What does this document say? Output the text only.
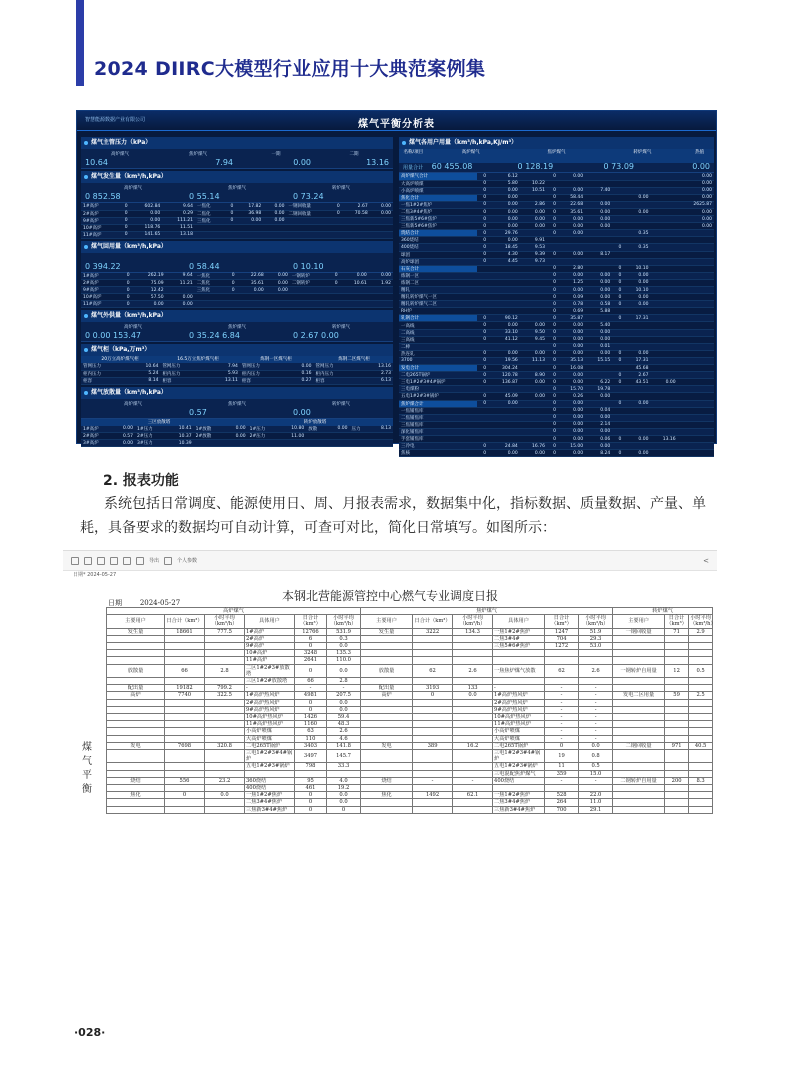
2024 DIIRC大模型行业应用十大典范案例集
智慧能源数据产业有限公司	煤气平衡分析表
煤气主管压力（kPa）
高炉煤气
10.64
焦炉煤气
7.94
一期
0.00
二期
13.16
煤气发生量（km³/h,kPa）
高炉煤气
0 852.58
焦炉煤气
0 55.14
转炉煤气
0 73.24
1#高炉	0	602.84	9.64	一焦化	0	17.82	0.00	一钢回收量	0	2.67	0.00
2#高炉	0	0.00	0.29	二焦化	0	36.98	0.00	二钢回收量	0	70.58	0.00
9#高炉	0	0.00	111.21	三焦化	0	0.00	0.00				
10#高炉	0	118.76	11.51								
11#高炉	0	141.65	13.18								
煤气回用量（km³/h,kPa）
0 394.22	0 58.44	0 10.10
1#高炉	0	262.19	9.64	一焦化	0	22.68	0.00	一钢转炉	0	0.00	0.00
2#高炉	0	75.09	11.21	二焦化	0	35.61	0.00	二钢转炉	0	10.61	1.92
9#高炉	0	12.42		三焦化	0	0.00	0.00				
10#高炉	0	57.50	0.00								
11#高炉	0	0.00	0.00								
煤气外供量（km³/h,kPa）
高炉煤气
0 0.00 153.47
焦炉煤气
0 35.24 6.84
转炉煤气
0 2.67 0.00
煤气柜（kPa,万m³）
20万立高炉煤气柜	16.5万立焦炉煤气柜	炼钢一区煤气柜	炼钢二区煤气柜
管网压力	10.64	管网压力	7.94	管网压力	0.00	管网压力	13.16
柜内压力	5.24	柜内压力	5.93	柜内压力	0.16	柜内压力	2.73
柜容	8.14	柜容	13.11	柜容	0.27	柜容	6.13
煤气放散量（km³/h,kPa）
高炉煤气	焦炉煤气
0.57
转炉煤气
0.00
三区放散塔	转炉放散塔
1#高炉	0.00	1#压力	10.41	1#放散	0.00	1#压力	10.80	放散	0.00	压力	8.13
2#高炉	0.57	2#压力	10.37	2#放散	0.00	2#压力	11.00				
3#高炉	0.00	3#压力	10.39								
煤气各用户用量（km³/h,kPa,KJ/m³）
名称/项目	高炉煤气	焦炉煤气	转炉煤气	热值
用量合计 60 455.08	0 128.19	0 73.09	0.00
高炉煤气合计	0	6.12		0	0.00					0.00
大高炉喷煤	0	5.80	10.22							0.00
小高炉喷煤	0	0.00	10.51	0	0.00	7.40				0.00
焦化合计	0	0.00		0	58.44			0.00		0.00
一焦1#2#焦炉	0	0.00	2.86	0	22.68	0.00				2625.87
二焦3#4#焦炉	0	0.00	0.00	0	35.61	0.00		0.00		0.00
三焦新5#6#焦炉	0	0.00	0.00	0	0.00	0.00				0.00
三焦新5#6#焦炉	0	0.00	0.00	0	0.00	0.00				0.00
烧结合计	0	29.76		0	0.00			0.35		
360烧结	0	0.00	9.91							
400烧结	0	18.45	9.53				0	0.35		
球团	0	4.30	9.39	0	0.00	8.17				
高炉球团	0	4.45	9.73							
石灰合计				0	2.80		0	10.10		
炼钢一区				0	0.00	0.00	0	0.00		
炼钢二区				0	1.25	0.00	0	0.00		
精轧				0	0.00	0.00	0	10.10		
精轧转炉煤气一区				0	0.09	0.00	0	0.00		
精轧转炉煤气二区				0	0.78	0.58	0	0.00		
RH炉				0	0.69	5.88				
轧钢合计	0	90.12		0	35.87		0	17.31		
一高线	0	0.00	0.00	0	0.00	5.40				
二高线	0	33.10	9.50	0	0.00	0.00				
三高线	0	41.12	9.45	0	0.00	0.00				
二棒				0	0.00	0.01				
热连轧	0	0.00	0.00	0	0.00	0.00	0	0.00		
3700	0	19.56	11.13	0	35.13	15.15	0	17.31		
发电合计	0	304.24		0	16.08			45.68		
二电265T锅炉	0	120.78	8.90	0	0.00		0	2.67		
三电1#2#3#4#锅炉	0	136.87	0.00	0	0.00	6.22	0	43.51	0.00	
三电煤粉				0	15.70	19.78				
五电1#2#3#锅炉	0	45.09	0.00	0	0.26	0.00				
焦炉煤合计	0	0.00		0	0.00		0	0.00		
一焦铺焦库				0	0.00	0.04				
二焦铺焦库				0	0.00	0.00				
三焦铺焦库				0	0.00	2.14				
深化铺焦库				0	0.00	0.00				
手套铺焦库				0	0.00	0.06	0	0.00	13.16	
三冷电	0	24.84	16.76	0	15.00	0.00				
焦核	0	0.00	0.00	0	0.00	8.24	0	0.00		
2. 报表功能
系统包括日常调度、能源使用日、周、月报表需求，数据集中化，指标数据、质量数据、产量、单耗，具备要求的数据均可自动计算，可查可对比，简化日常填写。如图所示：
导出	个人参数	<
日期* 2024-05-27
本钢北营能源管控中心燃气专业调度日报
日期	2024-05-27
煤气平衡
高炉煤气						焦炉煤气						转炉煤气		
主要用户	日合计（km³）	小时平均（km³/h）	具体用户	日合计（km³）	小时平均（km³/h）	主要用户	日合计（km³）	小时平均（km³/h）	具体用户	日合计（km³）	小时平均（km³/h）	主要用户	日合计（km³）	小时平均（km³/h）
发生量	18661	777.5	1#高炉	12766	531.9	发生量	3222	134.3	一焦1#2#焦炉	1247	51.9	一钢回收量	71	2.9
			2#高炉	6	0.3				二焦3#4#	704	29.3			
			9#高炉	0	0.0				三焦5#6#焦炉	1272	53.0			
			10#高炉	3248	135.3									
			11#高炉	2641	110.0									
放散量	66	2.8	二区1#2#3#放散塔	0	0.0	放散量	62	2.6	一焦焦炉煤气放散	62	2.6	一钢转炉自用量	12	0.5
			三区1#2#放散塔	66	2.8									
配出量	19182	799.2	-	-	-	配出量	3193	133	-	-	-			
高炉	7740	322.5	1#高炉热风炉	4981	207.5	高炉	0	0.0	1#高炉热风炉	-	-	发电二区用量	59	2.5
			2#高炉热风炉	0	0.0				2#高炉热风炉	-	-			
			9#高炉热风炉	0	0.0				9#高炉热风炉	-	-			
			10#高炉热风炉	1426	59.4				10#高炉热风炉	-	-			
			11#高炉热风炉	1160	48.3				11#高炉热风炉	-	-			
			小高炉喷煤	63	2.6				小高炉喷煤	-	-			
			大高炉喷煤	110	4.6				大高炉喷煤	-	-			
发电	7698	320.8	二电265T锅炉	3403	141.8	发电	389	16.2	二电265T锅炉	0	0.0	二钢回收量	971	40.5
			三电1#2#3#4#锅炉	3497	145.7				三电1#2#3#4#锅炉	19	0.8			
			五电1#2#3#锅炉	798	33.3				五电1#2#3#锅炉	11	0.5			
									三电混配焦炉煤气	359	15.0			
烧结	556	23.2	360烧结	95	4.0	烧结	-	-	400烧结	-	-	二钢转炉自用量	200	8.3
			400烧结	461	19.2									
焦化	0	0.0	一焦1#2#焦炉	0	0.0	焦化	1492	62.1	一焦1#2#焦炉	528	22.0			
			二焦3#4#焦炉	0	0.0				二焦3#4#焦炉	264	11.0			
			三焦新3#4#焦炉	0	0				三焦新3#4#焦炉	700	29.1			
·028·
